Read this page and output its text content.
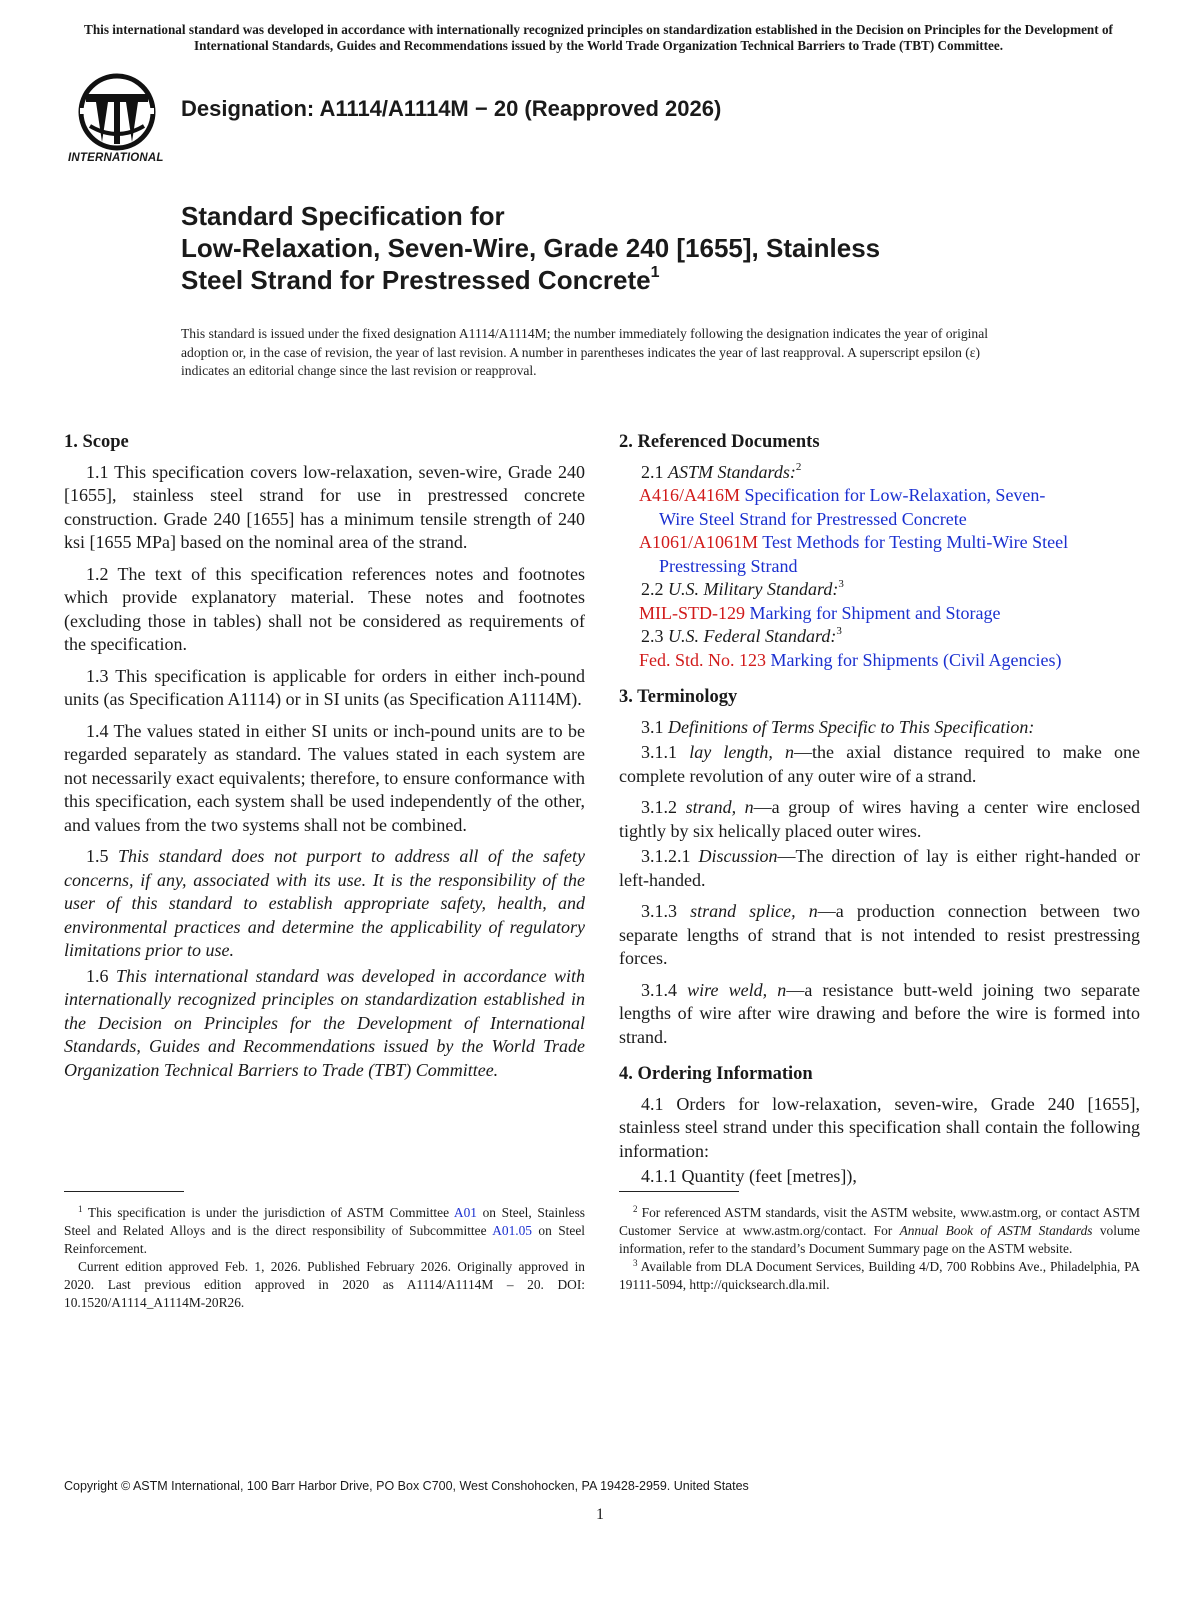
This international standard was developed in accordance with internationally recognized principles on standardization established in the Decision on Principles for the Development of International Standards, Guides and Recommendations issued by the World Trade Organization Technical Barriers to Trade (TBT) Committee.
INTERNATIONAL
Designation: A1114/A1114M − 20 (Reapproved 2026)
Standard Specification for
Low-Relaxation, Seven-Wire, Grade 240 [1655], Stainless
Steel Strand for Prestressed Concrete$^1$
This standard is issued under the fixed designation A1114/A1114M; the number immediately following the designation indicates the year of original adoption or, in the case of revision, the year of last revision. A number in parentheses indicates the year of last reapproval. A superscript epsilon (ε) indicates an editorial change since the last revision or reapproval.
1. Scope

1.1 This specification covers low-relaxation, seven-wire, Grade 240 [1655], stainless steel strand for use in prestressed concrete construction. Grade 240 [1655] has a minimum tensile strength of 240 ksi [1655 MPa] based on the nominal area of the strand.

1.2 The text of this specification references notes and footnotes which provide explanatory material. These notes and footnotes (excluding those in tables) shall not be considered as requirements of the specification.

1.3 This specification is applicable for orders in either inch-pound units (as Specification A1114) or in SI units (as Specification A1114M).

1.4 The values stated in either SI units or inch-pound units are to be regarded separately as standard. The values stated in each system are not necessarily exact equivalents; therefore, to ensure conformance with this specification, each system shall be used independently of the other, and values from the two systems shall not be combined.

1.5 This standard does not purport to address all of the safety concerns, if any, associated with its use. It is the responsibility of the user of this standard to establish appropriate safety, health, and environmental practices and determine the applicability of regulatory limitations prior to use.

1.6 This international standard was developed in accordance with internationally recognized principles on standardization established in the Decision on Principles for the Development of International Standards, Guides and Recommendations issued by the World Trade Organization Technical Barriers to Trade (TBT) Committee.

2. Referenced Documents
2.1 ASTM Standards:$^2$
A416/A416M Specification for Low-Relaxation, Seven-
Wire Steel Strand for Prestressed Concrete
A1061/A1061M Test Methods for Testing Multi-Wire Steel
Prestressing Strand
2.2 U.S. Military Standard:$^3$
MIL-STD-129 Marking for Shipment and Storage
2.3 U.S. Federal Standard:$^3$
Fed. Std. No. 123 Marking for Shipments (Civil Agencies)
3. Terminology

3.1 Definitions of Terms Specific to This Specification:

3.1.1 lay length, n—the axial distance required to make one complete revolution of any outer wire of a strand.

3.1.2 strand, n—a group of wires having a center wire enclosed tightly by six helically placed outer wires.

3.1.2.1 Discussion—The direction of lay is either right-handed or left-handed.

3.1.3 strand splice, n—a production connection between two separate lengths of strand that is not intended to resist prestressing forces.

3.1.4 wire weld, n—a resistance butt-weld joining two separate lengths of wire after wire drawing and before the wire is formed into strand.

4. Ordering Information

4.1 Orders for low-relaxation, seven-wire, Grade 240 [1655], stainless steel strand under this specification shall contain the following information:

4.1.1 Quantity (feet [metres]),

$^1$ This specification is under the jurisdiction of ASTM Committee A01 on Steel, Stainless Steel and Related Alloys and is the direct responsibility of Subcommittee A01.05 on Steel Reinforcement.

Current edition approved Feb. 1, 2026. Published February 2026. Originally approved in 2020. Last previous edition approved in 2020 as A1114/A1114M – 20. DOI: 10.1520/A1114_A1114M-20R26.

$^2$ For referenced ASTM standards, visit the ASTM website, www.astm.org, or contact ASTM Customer Service at www.astm.org/contact. For Annual Book of ASTM Standards volume information, refer to the standard’s Document Summary page on the ASTM website.

$^3$ Available from DLA Document Services, Building 4/D, 700 Robbins Ave., Philadelphia, PA 19111-5094, http://quicksearch.dla.mil.

Copyright © ASTM International, 100 Barr Harbor Drive, PO Box C700, West Conshohocken, PA 19428-2959. United States
1
